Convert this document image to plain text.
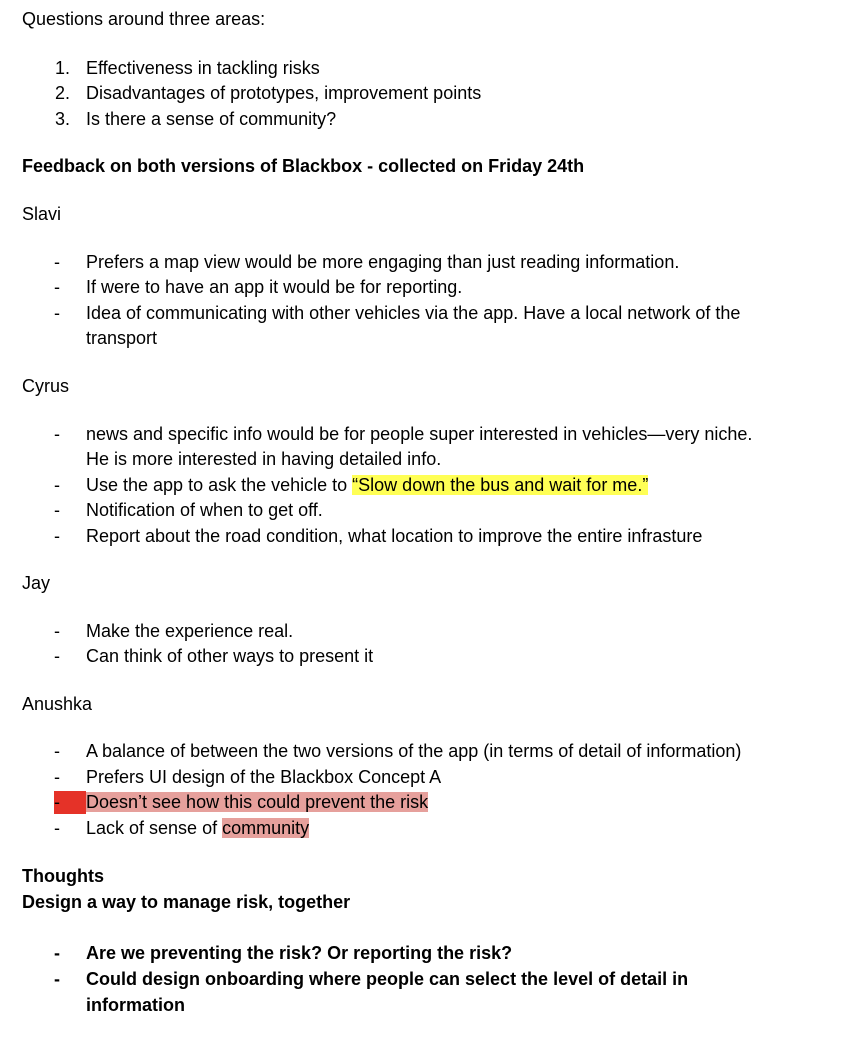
Questions around three areas:
1. Effectiveness in tackling risks
2. Disadvantages of prototypes, improvement points
3. Is there a sense of community?
Feedback on both versions of Blackbox - collected on Friday 24th
Slavi
- Prefers a map view would be more engaging than just reading information.
- If were to have an app it would be for reporting.
- Idea of communicating with other vehicles via the app. Have a local network of the
transport
Cyrus
- news and specific info would be for people super interested in vehicles—very niche.
He is more interested in having detailed info.
- Use the app to ask the vehicle to “Slow down the bus and wait for me.”
- Notification of when to get off.
- Report about the road condition, what location to improve the entire infrasture
Jay
- Make the experience real.
- Can think of other ways to present it
Anushka
- A balance of between the two versions of the app (in terms of detail of information)
- Prefers UI design of the Blackbox Concept A
- Doesn’t see how this could prevent the risk
- Lack of sense of community
Thoughts
Design a way to manage risk, together
- Are we preventing the risk? Or reporting the risk?
- Could design onboarding where people can select the level of detail in
information
